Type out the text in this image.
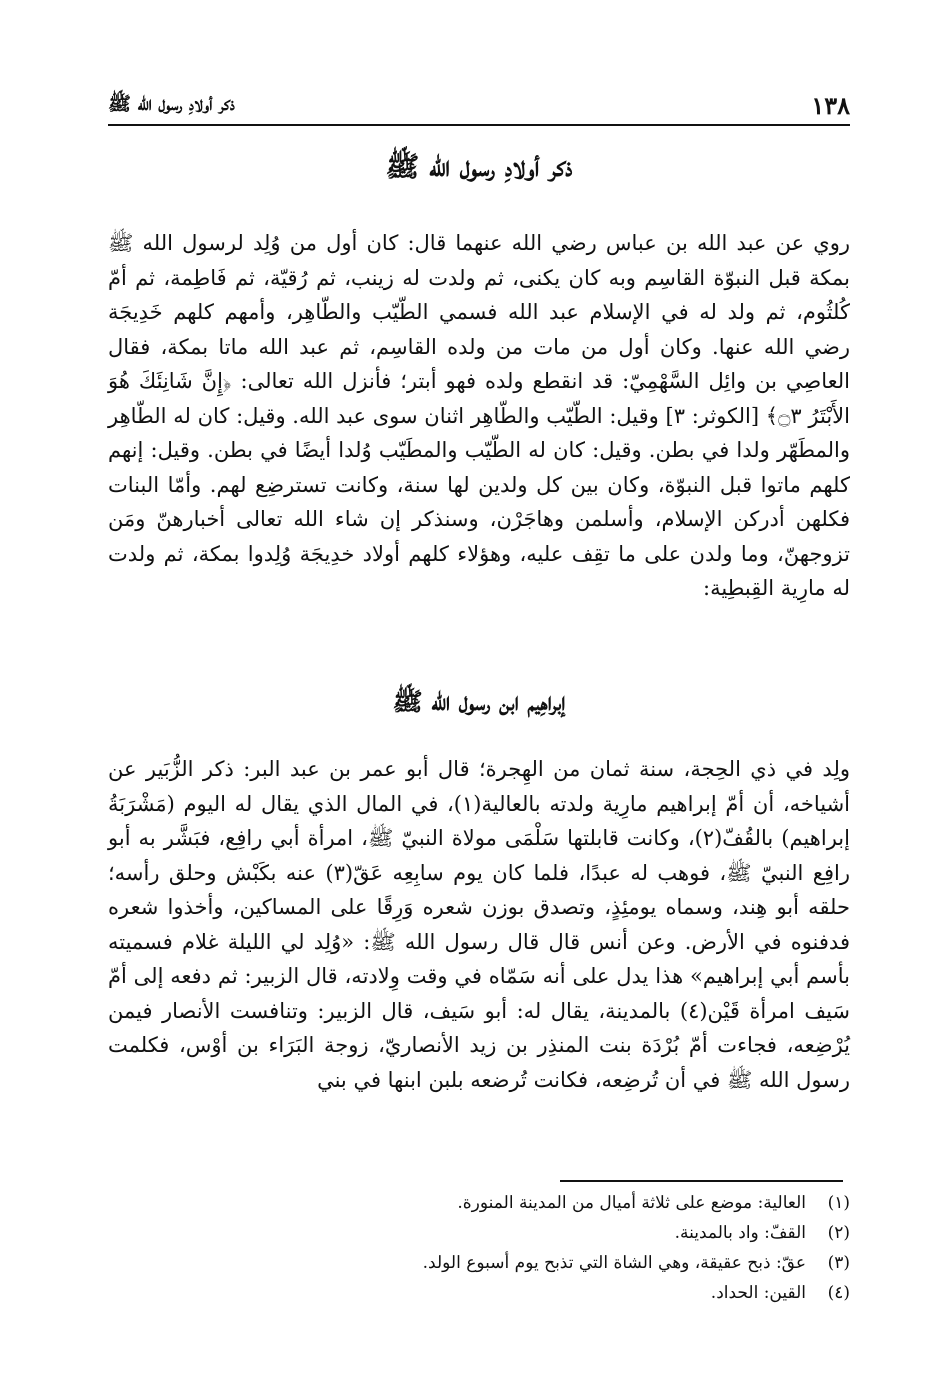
١٣٨
ذكر أولادِ رسول الله ﷺ
ذكر أولادِ رسول الله ﷺ

روي عن عبد الله بن عباس رضي الله عنهما قال: كان أول من وُلِد لرسول الله ﷺ بمكة قبل النبوّة القاسِم وبه كان يكنى، ثم ولدت له زينب، ثم رُقيّة، ثم فَاطِمة، ثم أمّ كُلثُوم، ثم ولد له في الإسلام عبد الله فسمي الطّيّب والطّاهِر، وأمهم كلهم خَدِيجَة رضي الله عنها. وكان أول من مات من ولده القاسِم، ثم عبد الله ماتا بمكة، فقال العاصِي بن وائِل السَّهْمِيّ: قد انقطع ولده فهو أبتر؛ فأنزل الله تعالى: ﴿إِنَّ شَانِئَكَ هُوَ الأَبْتَرُ ۝٣﴾ [الكوثر: ٣] وقيل: الطّيّب والطّاهِر اثنان سوى عبد الله. وقيل: كان له الطّاهِر والمطَهّر ولدا في بطن. وقيل: كان له الطّيّب والمطَيّب وُلدا أيضًا في بطن. وقيل: إنهم كلهم ماتوا قبل النبوّة، وكان بين كل ولدين لها سنة، وكانت تسترضِع لهم. وأمّا البنات فكلهن أدركن الإسلام، وأسلمن وهاجَرْن، وسنذكر إن شاء الله تعالى أخبارهنّ ومَن تزوجهنّ، وما ولدن على ما تقِف عليه، وهؤلاء كلهم أولاد خدِيجَة وُلِدوا بمكة، ثم ولدت له مارِية القِبطِية:

إبراهِيم ابن رسول الله ﷺ

ولِد في ذي الحِجة، سنة ثمان من الهِجرة؛ قال أبو عمر بن عبد البر: ذكر الزُّبَير عن أشياخه، أن أمّ إبراهيم مارِية ولدته بالعالية(١)، في المال الذي يقال له اليوم (مَشْرَبَةُ إبراهيم) بالقُفّ(٢)، وكانت قابلتها سَلْمَى مولاة النبيّ ﷺ، امرأة أبي رافِع، فبَشَّر به أبو رافِع النبيّ ﷺ، فوهب له عبدًا، فلما كان يوم سابِعِه عَقّ(٣) عنه بكَبْش وحلق رأسه؛ حلقه أبو هِند، وسماه يومئِذٍ، وتصدق بوزن شعره وَرِقًا على المساكين، وأخذوا شعره فدفنوه في الأرض. وعن أنس قال قال رسول الله ﷺ: «وُلِد لي الليلة غلام فسميته بأسم أبي إبراهيم» هذا يدل على أنه سَمّاه في وقت وِلادته، قال الزبير: ثم دفعه إلى أمّ سَيف امرأة قَيْن(٤) بالمدينة، يقال له: أبو سَيف، قال الزبير: وتنافست الأنصار فيمن يُرْضِعه، فجاءت أمّ بُرْدَة بنت المنذِر بن زيد الأنصاريّ، زوجة البَرَاء بن أوْس، فكلمت رسول الله ﷺ في أن تُرضِعه، فكانت تُرضعه بلبن ابنها في بني

(١)
العالية: موضع على ثلاثة أميال من المدينة المنورة.
(٢)
القفّ: واد بالمدينة.
(٣)
عقّ: ذبح عقيقة، وهي الشاة التي تذبح يوم أسبوع الولد.
(٤)
القين: الحداد.
